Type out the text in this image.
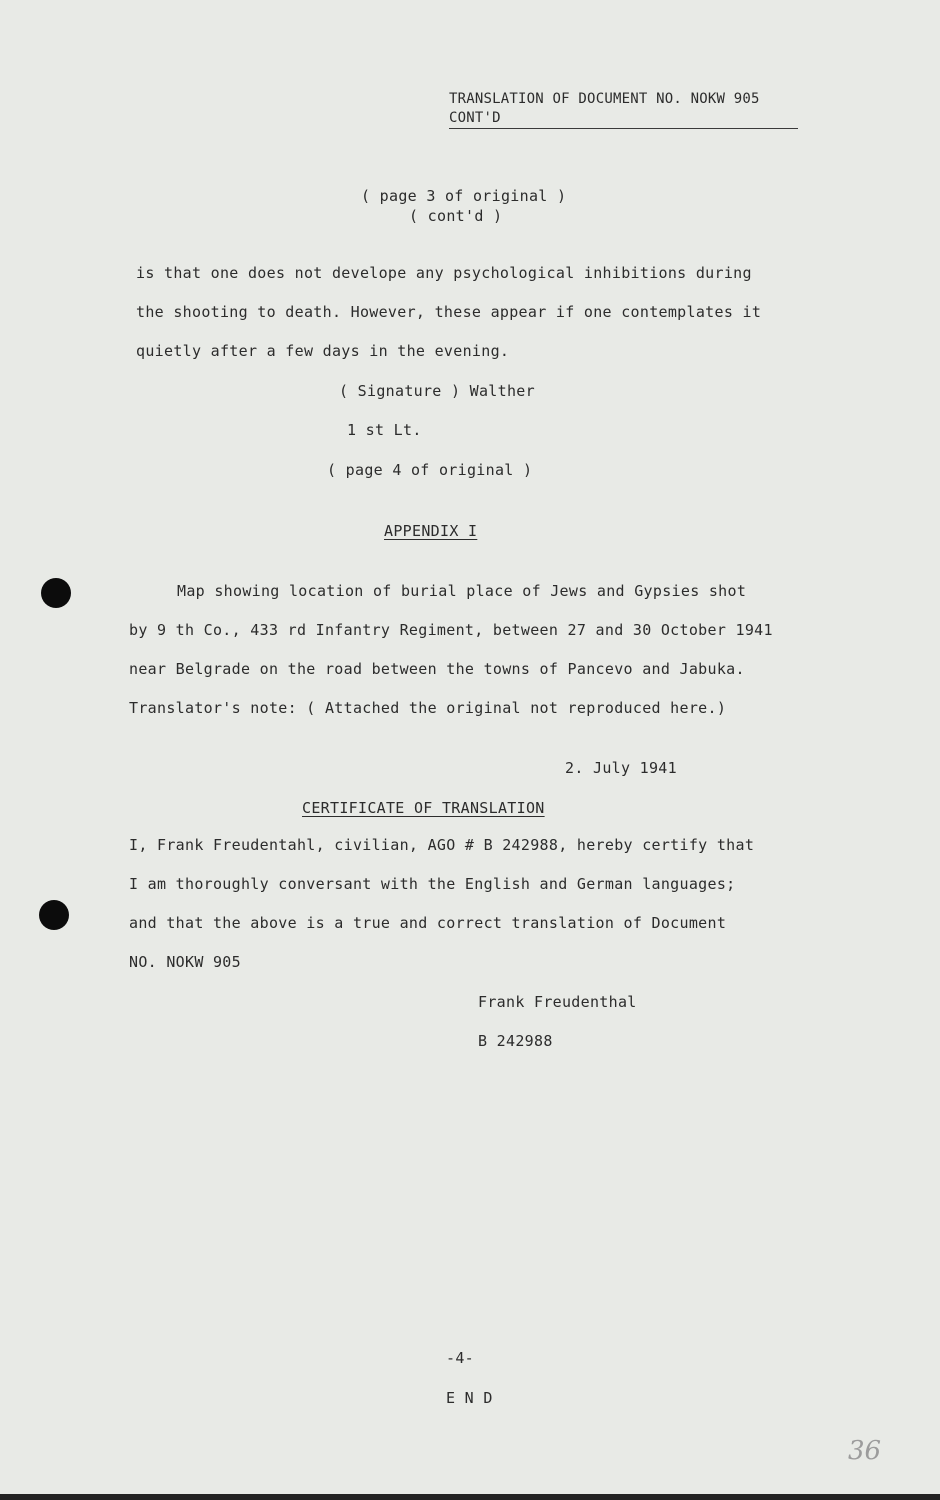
TRANSLATION OF DOCUMENT NO. NOKW 905
CONT'D
( page 3 of original )
( cont'd )
is that one does not develope any psychological inhibitions during
the shooting to death. However, these appear if one contemplates it
quietly after a few days in the evening.
( Signature ) Walther
1 st Lt.
( page 4 of original )
APPENDIX I
Map showing location of burial place of Jews and Gypsies shot
by 9 th Co., 433 rd Infantry Regiment, between 27 and 30 October 1941
near Belgrade on the road between the towns of Pancevo and Jabuka.
Translator's note: ( Attached the original not reproduced here.)
2. July 1941
CERTIFICATE OF TRANSLATION
I, Frank Freudentahl, civilian, AGO # B 242988, hereby certify that
I am thoroughly conversant with the English and German languages;
and that the above is a true and correct translation of Document
NO. NOKW 905
Frank Freudenthal
B 242988
-4-
E N D
36
